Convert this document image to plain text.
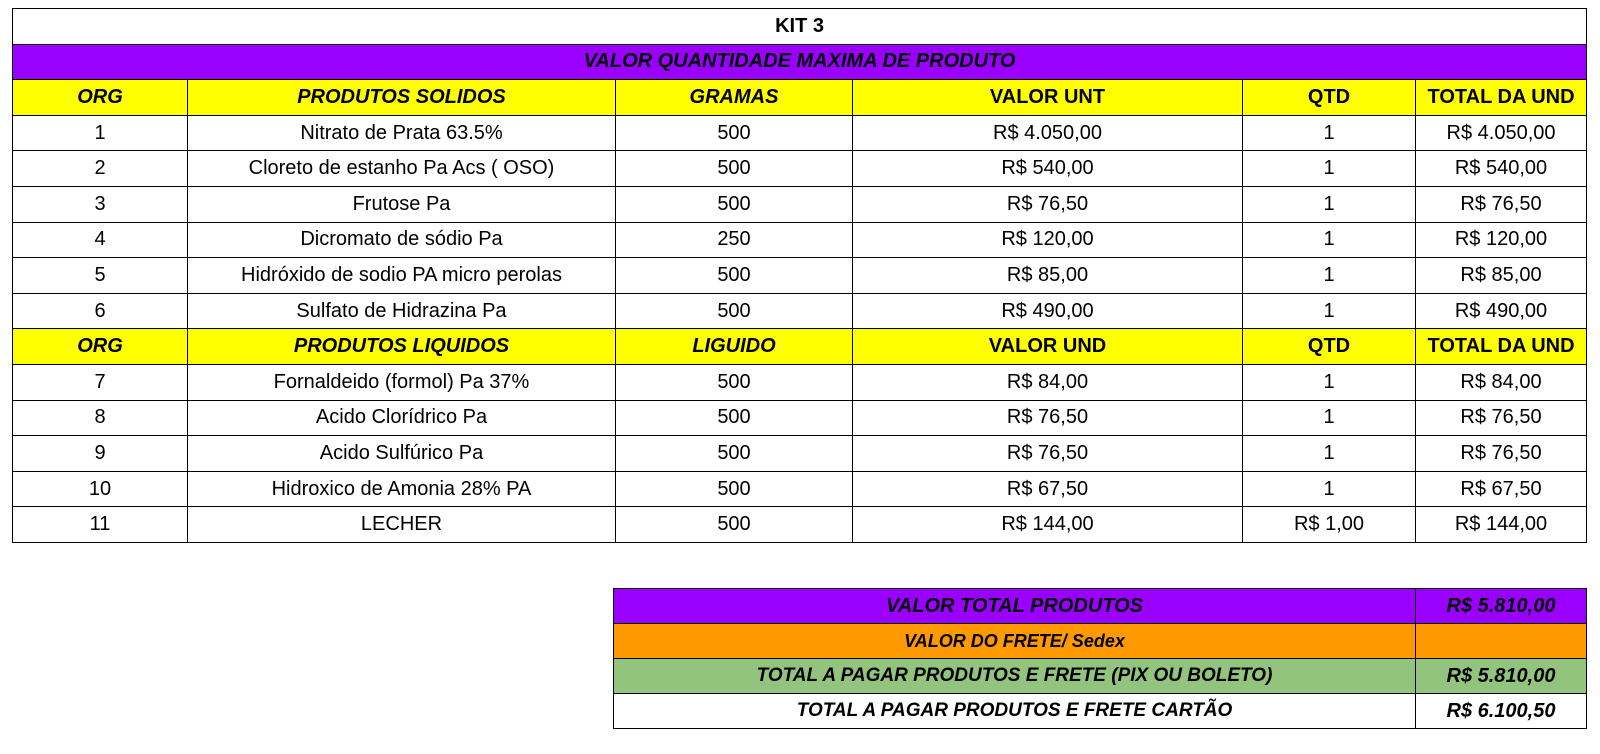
KIT 3					
VALOR QUANTIDADE MAXIMA DE PRODUTO					
ORG	PRODUTOS SOLIDOS	GRAMAS	VALOR UNT	QTD	TOTAL DA UND
1	Nitrato de Prata 63.5%	500	R$ 4.050,00	1	R$ 4.050,00
2	Cloreto de estanho Pa Acs ( OSO)	500	R$ 540,00	1	R$ 540,00
3	Frutose Pa	500	R$ 76,50	1	R$ 76,50
4	Dicromato de sódio Pa	250	R$ 120,00	1	R$ 120,00
5	Hidróxido de sodio PA micro perolas	500	R$ 85,00	1	R$ 85,00
6	Sulfato de Hidrazina Pa	500	R$ 490,00	1	R$ 490,00
ORG	PRODUTOS LIQUIDOS	LIGUIDO	VALOR UND	QTD	TOTAL DA UND
7	Fornaldeido (formol) Pa 37%	500	R$ 84,00	1	R$ 84,00
8	Acido Clorídrico Pa	500	R$ 76,50	1	R$ 76,50
9	Acido Sulfúrico Pa	500	R$ 76,50	1	R$ 76,50
10	Hidroxico de Amonia 28% PA	500	R$ 67,50	1	R$ 67,50
11	LECHER	500	R$ 144,00	R$ 1,00	R$ 144,00
VALOR TOTAL PRODUTOS	R$ 5.810,00
VALOR DO FRETE/ Sedex	
TOTAL A PAGAR PRODUTOS E FRETE (PIX OU BOLETO)	R$ 5.810,00
TOTAL A PAGAR PRODUTOS E FRETE CARTÃO	R$ 6.100,50
